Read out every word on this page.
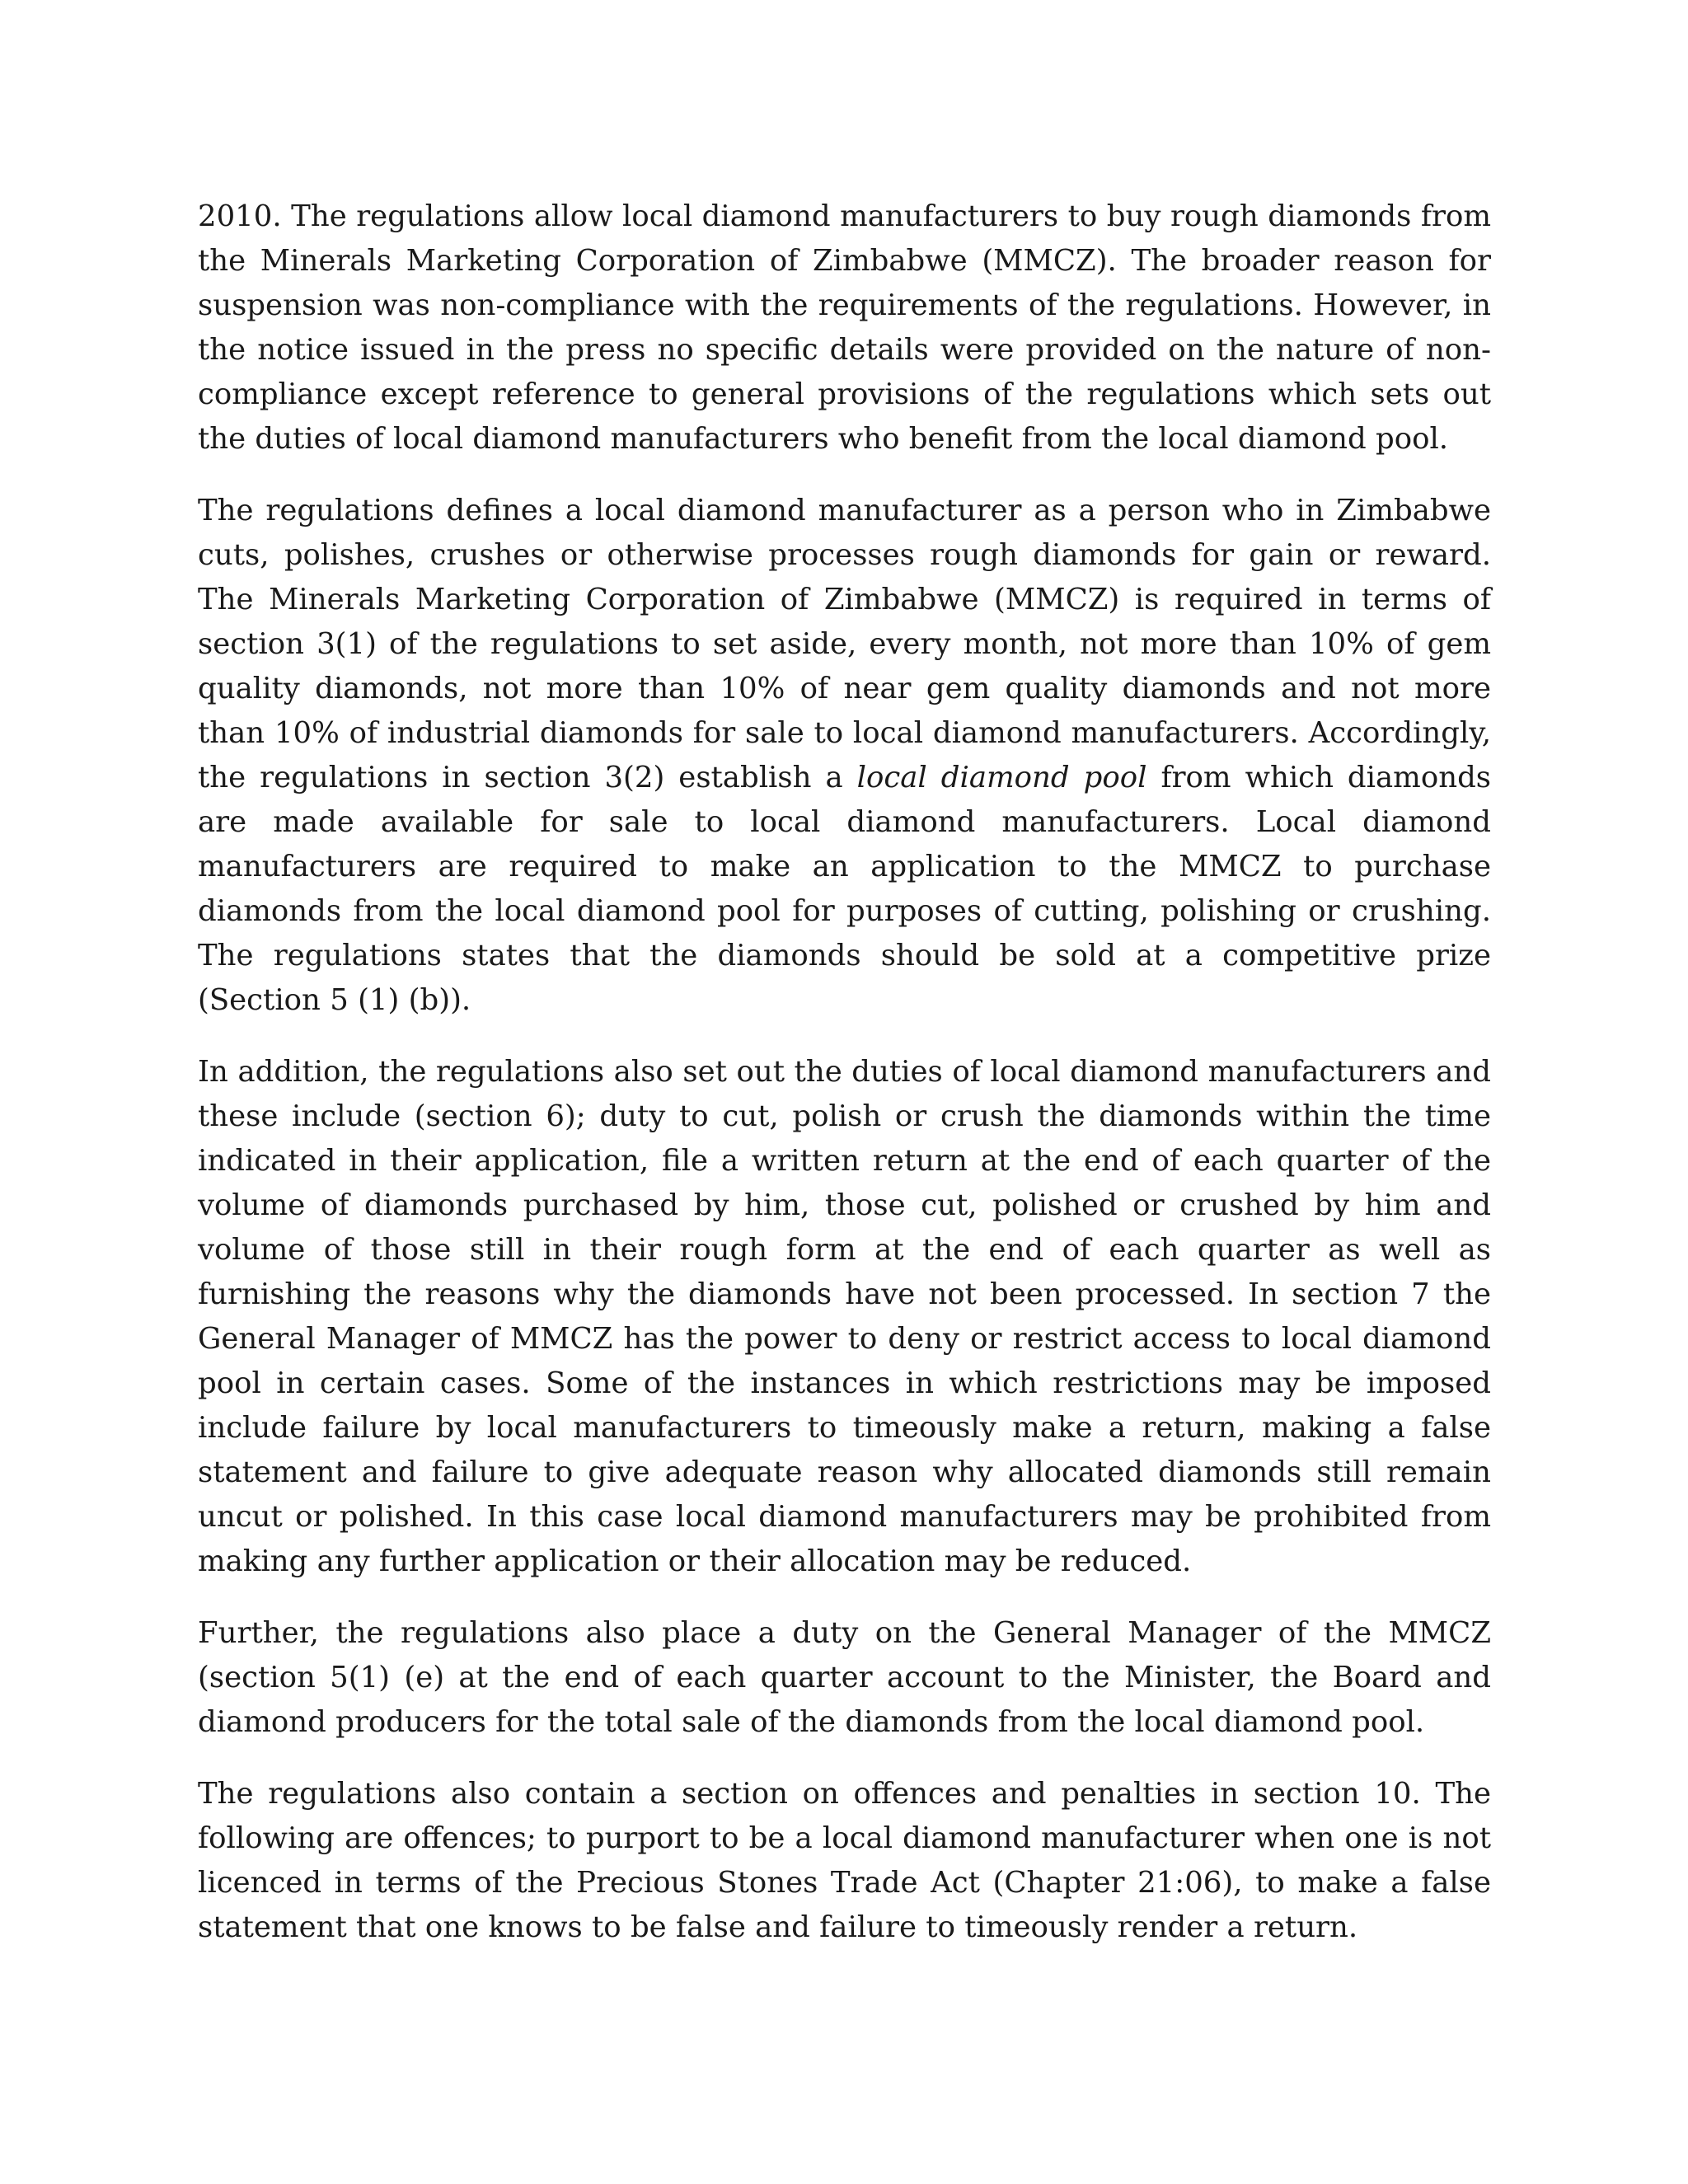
2010. The regulations allow local diamond manufacturers to buy rough diamonds from the Minerals Marketing Corporation of Zimbabwe (MMCZ). The broader reason for suspension was non-compliance with the requirements of the regulations. However, in the notice issued in the press no specific details were provided on the nature of non-compliance except reference to general provisions of the regulations which sets out the duties of local diamond manufacturers who benefit from the local diamond pool.

The regulations defines a local diamond manufacturer as a person who in Zimbabwe cuts, polishes, crushes or otherwise processes rough diamonds for gain or reward. The Minerals Marketing Corporation of Zimbabwe (MMCZ) is required in terms of section 3(1) of the regulations to set aside, every month, not more than 10% of gem quality diamonds, not more than 10% of near gem quality diamonds and not more than 10% of industrial diamonds for sale to local diamond manufacturers. Accordingly, the regulations in section 3(2) establish a local diamond pool from which diamonds are made available for sale to local diamond manufacturers. Local diamond manufacturers are required to make an application to the MMCZ to purchase diamonds from the local diamond pool for purposes of cutting, polishing or crushing. The regulations states that the diamonds should be sold at a competitive prize (Section 5 (1) (b)).

In addition, the regulations also set out the duties of local diamond manufacturers and these include (section 6); duty to cut, polish or crush the diamonds within the time indicated in their application, file a written return at the end of each quarter of the volume of diamonds purchased by him, those cut, polished or crushed by him and volume of those still in their rough form at the end of each quarter as well as furnishing the reasons why the diamonds have not been processed. In section 7 the General Manager of MMCZ has the power to deny or restrict access to local diamond pool in certain cases. Some of the instances in which restrictions may be imposed include failure by local manufacturers to timeously make a return, making a false statement and failure to give adequate reason why allocated diamonds still remain uncut or polished. In this case local diamond manufacturers may be prohibited from making any further application or their allocation may be reduced.

Further, the regulations also place a duty on the General Manager of the MMCZ (section 5(1) (e) at the end of each quarter account to the Minister, the Board and diamond producers for the total sale of the diamonds from the local diamond pool.

The regulations also contain a section on offences and penalties in section 10. The following are offences; to purport to be a local diamond manufacturer when one is not licenced in terms of the Precious Stones Trade Act (Chapter 21:06), to make a false statement that one knows to be false and failure to timeously render a return.
